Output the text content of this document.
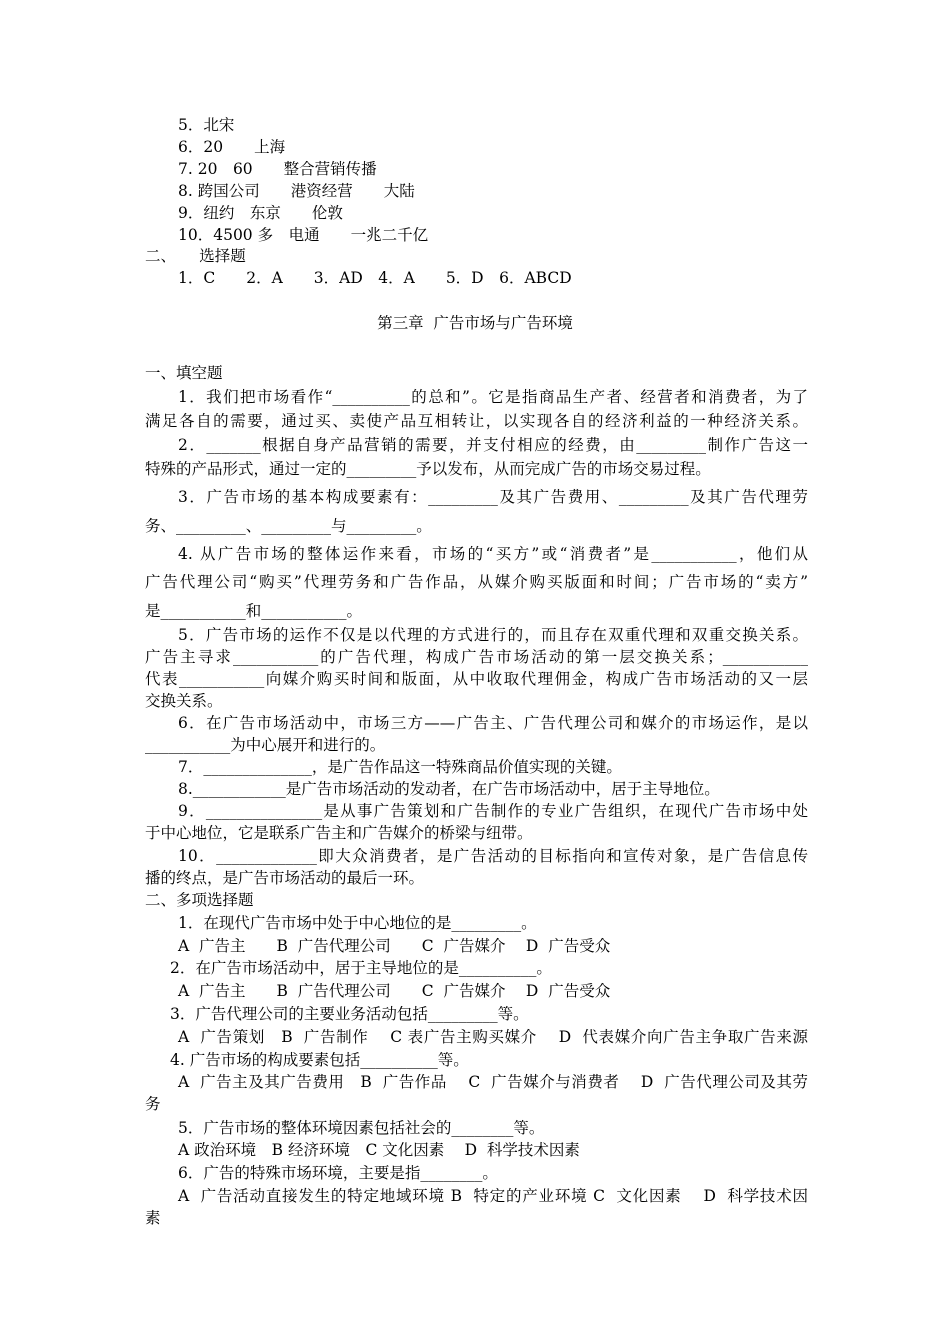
5．北宋
6．20　　上海
7. 20　60　　整合营销传播
8. 跨国公司　　港资经营　　大陆
9．纽约　东京　　伦敦
10．4500 多　电通　　一兆二千亿
二、　　选择题
1．C　　2．A　　3．AD　4．A　　5．D　6．ABCD
第三章  广告市场与广告环境
一、填空题
1．我们把市场看作“__________的总和”。它是指商品生产者、经营者和消费者，为了
满足各自的需要，通过买、卖使产品互相转让，以实现各自的经济利益的一种经济关系。
2．_______根据自身产品营销的需要，并支付相应的经费，由_________制作广告这一
特殊的产品形式，通过一定的_________予以发布，从而完成广告的市场交易过程。
3．广告市场的基本构成要素有：_________及其广告费用、_________及其广告代理劳
务、_________、_________与_________。
4. 从广告市场的整体运作来看，市场的“买方”或“消费者”是___________，他们从
广告代理公司“购买”代理劳务和广告作品，从媒介购买版面和时间；广告市场的“卖方”
是___________和___________。
5．广告市场的运作不仅是以代理的方式进行的，而且存在双重代理和双重交换关系。
广告主寻求___________的广告代理，构成广告市场活动的第一层交换关系；___________
代表___________向媒介购买时间和版面，从中收取代理佣金，构成广告市场活动的又一层
交换关系。
6．在广告市场活动中，市场三方——广告主、广告代理公司和媒介的市场运作，是以
___________为中心展开和进行的。
7．______________，是广告作品这一特殊商品价值实现的关键。
8.____________是广告市场活动的发动者，在广告市场活动中，居于主导地位。
9．_______________是从事广告策划和广告制作的专业广告组织，在现代广告市场中处
于中心地位，它是联系广告主和广告媒介的桥梁与纽带。
10．_____________即大众消费者，是广告活动的目标指向和宣传对象，是广告信息传
播的终点，是广告市场活动的最后一环。
二、多项选择题
1．在现代广告市场中处于中心地位的是_________。
A  广告主　　B  广告代理公司　　C  广告媒介　 D  广告受众
2．在广告市场活动中，居于主导地位的是__________。
A  广告主　　B  广告代理公司　　C  广告媒介　 D  广告受众
3．广告代理公司的主要业务活动包括_________等。
A  广告策划　B  广告制作　 C 表广告主购买媒介　 D  代表媒介向广告主争取广告来源
4. 广告市场的构成要素包括__________等。
A  广告主及其广告费用　B  广告作品　 C  广告媒介与消费者　 D  广告代理公司及其劳
务
5．广告市场的整体环境因素包括社会的________等。
A 政治环境　B 经济环境　C 文化因素　 D  科学技术因素
6．广告的特殊市场环境，主要是指________。
A  广告活动直接发生的特定地域环境 B  特定的产业环境 C  文化因素　 D  科学技术因
素
